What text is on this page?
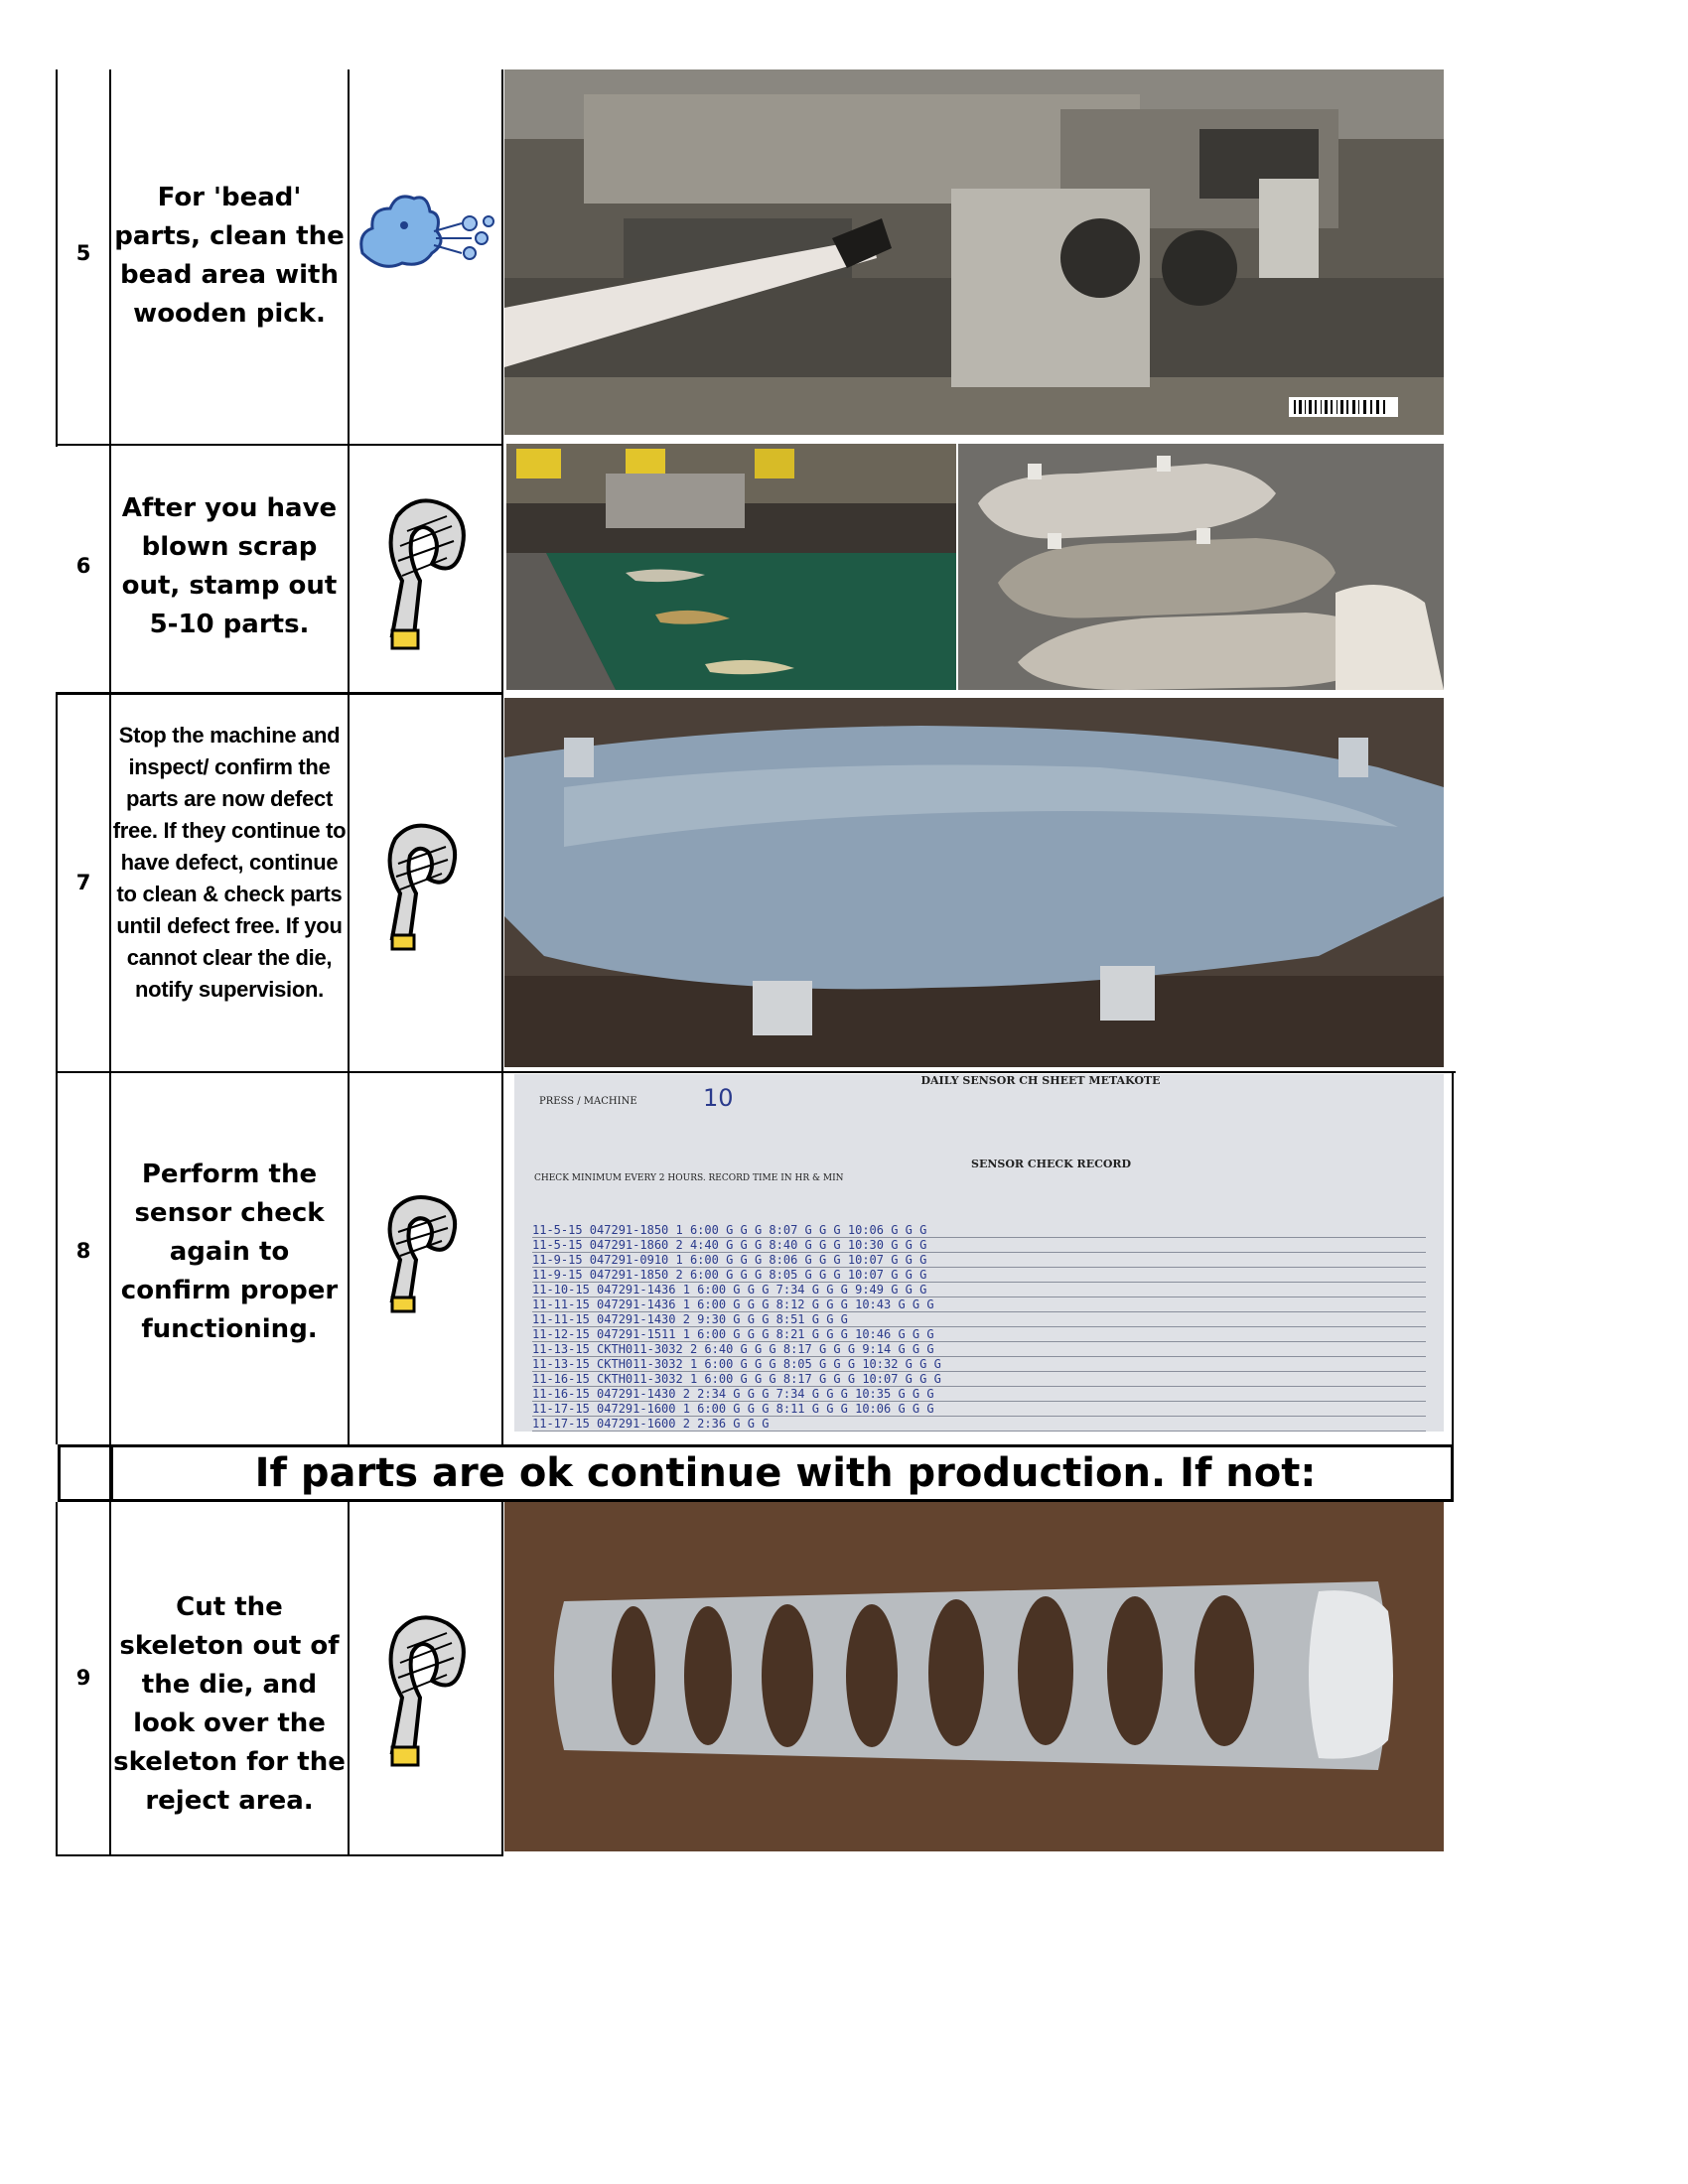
5
For 'bead' parts, clean the bead area with wooden pick.
6
After you have blown scrap out, stamp out 5-10 parts.
7
Stop the machine and inspect/ confirm the parts are now defect free. If they continue to have defect, continue to clean & check parts until defect free. If you cannot clear the die, notify supervision.
8
Perform the sensor check again to confirm proper functioning.
DAILY SENSOR CH SHEET METAKOTE
PRESS / MACHINE	10
SENSOR CHECK RECORD
CHECK MINIMUM EVERY 2 HOURS. RECORD TIME IN HR & MIN
11-5-15 047291-1850 1 6:00 G G G 8:07 G G G 10:06 G G G
11-5-15 047291-1860 2 4:40 G G G 8:40 G G G 10:30 G G G
11-9-15 047291-0910 1 6:00 G G G 8:06 G G G 10:07 G G G
11-9-15 047291-1850 2 6:00 G G G 8:05 G G G 10:07 G G G
11-10-15 047291-1436 1 6:00 G G G 7:34 G G G 9:49 G G G
11-11-15 047291-1436 1 6:00 G G G 8:12 G G G 10:43 G G G
11-11-15 047291-1430 2 9:30 G G G 8:51 G G G
11-12-15 047291-1511 1 6:00 G G G 8:21 G G G 10:46 G G G
11-13-15 CKTH011-3032 2 6:40 G G G 8:17 G G G 9:14 G G G
11-13-15 CKTH011-3032 1 6:00 G G G 8:05 G G G 10:32 G G G
11-16-15 CKTH011-3032 1 6:00 G G G 8:17 G G G 10:07 G G G
11-16-15 047291-1430 2 2:34 G G G 7:34 G G G 10:35 G G G
11-17-15 047291-1600 1 6:00 G G G 8:11 G G G 10:06 G G G
11-17-15 047291-1600 2 2:36 G G G
If parts are ok continue with production. If not:
9
Cut the skeleton out of the die, and look over the skeleton for the reject area.
